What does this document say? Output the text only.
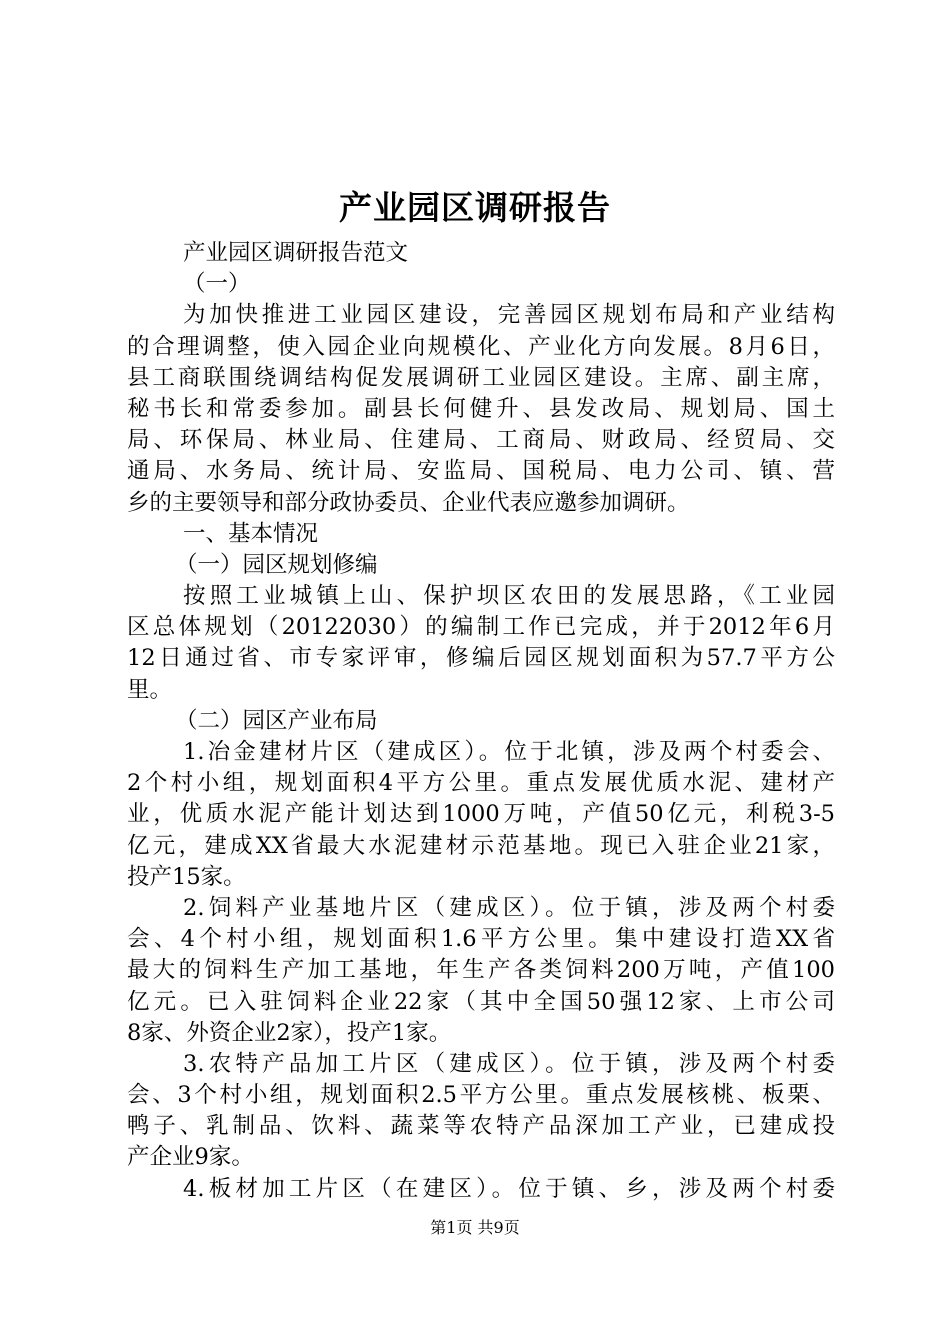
产业园区调研报告
产业园区调研报告范文
（一）
为加快推进工业园区建设，完善园区规划布局和产业结构
的合理调整，使入园企业向规模化、产业化方向发展。8月6日，
县工商联围绕调结构促发展调研工业园区建设。主席、副主席，
秘书长和常委参加。副县长何健升、县发改局、规划局、国土
局、环保局、林业局、住建局、工商局、财政局、经贸局、交
通局、水务局、统计局、安监局、国税局、电力公司、镇、营
乡的主要领导和部分政协委员、企业代表应邀参加调研。
一、基本情况
（一）园区规划修编
按照工业城镇上山、保护坝区农田的发展思路，《工业园
区总体规划（20122030）的编制工作已完成，并于2012年6月
12日通过省、市专家评审，修编后园区规划面积为57.7平方公
里。
（二）园区产业布局
1.冶金建材片区（建成区）。位于北镇，涉及两个村委会、
2个村小组，规划面积4平方公里。重点发展优质水泥、建材产
业，优质水泥产能计划达到1000万吨，产值50亿元，利税3-5
亿元，建成XX省最大水泥建材示范基地。现已入驻企业21家，
投产15家。
2.饲料产业基地片区（建成区）。位于镇，涉及两个村委
会、4个村小组，规划面积1.6平方公里。集中建设打造XX省
最大的饲料生产加工基地，年生产各类饲料200万吨，产值100
亿元。已入驻饲料企业22家（其中全国50强12家、上市公司
8家、外资企业2家），投产1家。
3.农特产品加工片区（建成区）。位于镇，涉及两个村委
会、3个村小组，规划面积2.5平方公里。重点发展核桃、板栗、
鸭子、乳制品、饮料、蔬菜等农特产品深加工产业，已建成投
产企业9家。
4.板材加工片区（在建区）。位于镇、乡，涉及两个村委
第1页 共9页
